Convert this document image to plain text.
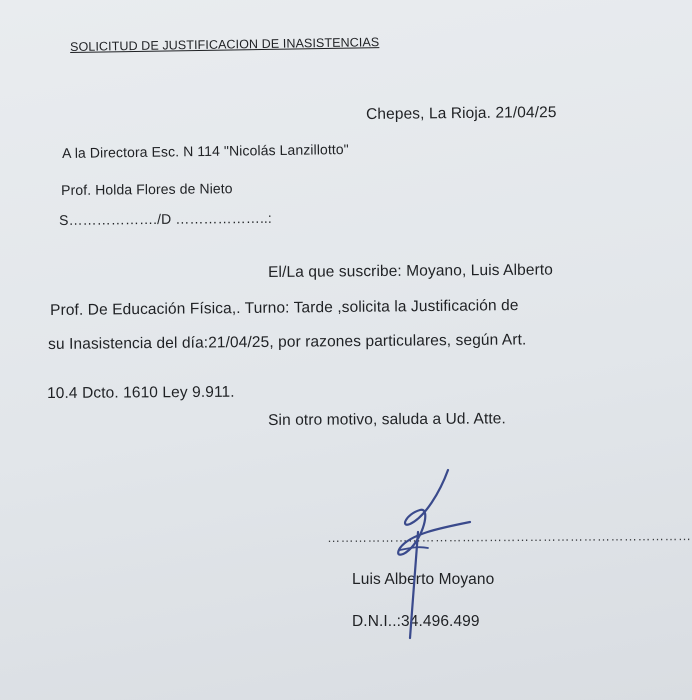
SOLICITUD DE JUSTIFICACION DE INASISTENCIAS
Chepes, La Rioja. 21/04/25
A la Directora Esc. N 114 "Nicolás Lanzillotto"
Prof. Holda Flores de Nieto
S………………./D ………………..:
El/La que suscribe: Moyano, Luis Alberto
Prof. De Educación Física,. Turno: Tarde ,solicita la Justificación de
su Inasistencia del día:21/04/25, por razones particulares, según Art.
10.4 Dcto. 1610 Ley 9.911.
Sin otro motivo, saluda a Ud. Atte.
………………………………………………………………………
Luis Alberto Moyano
D.N.I..:34.496.499
